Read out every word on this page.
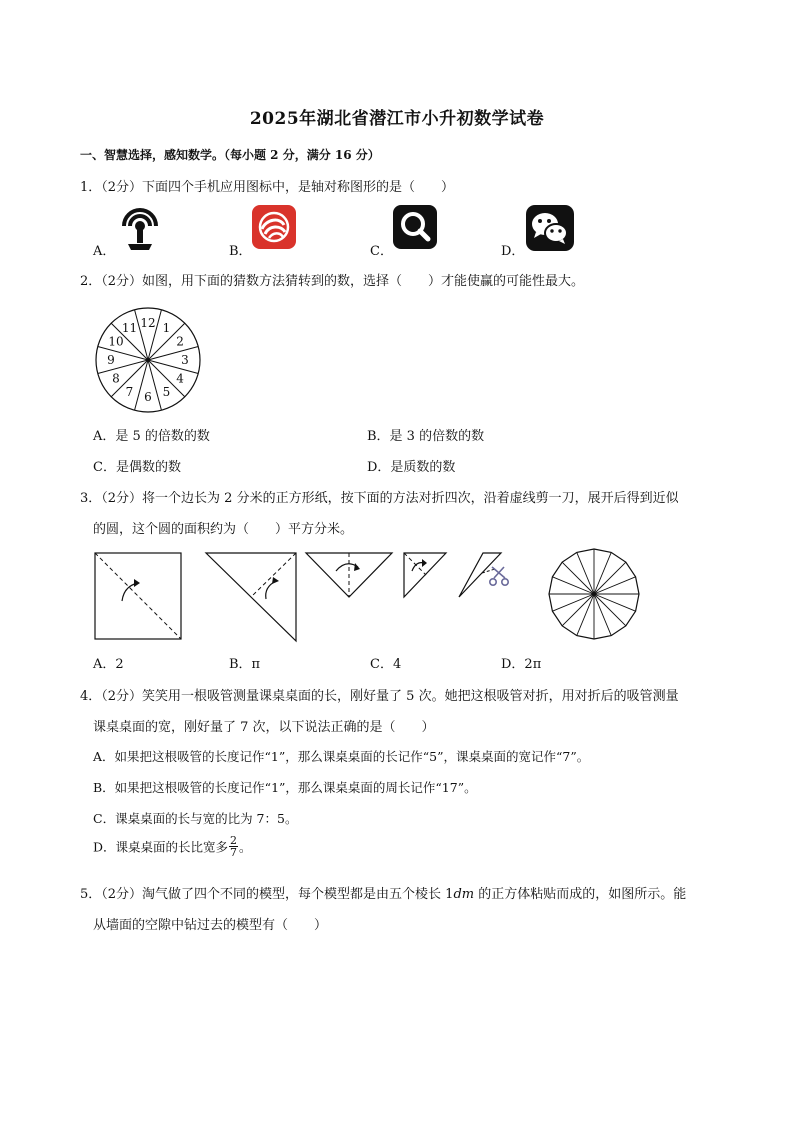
2025年湖北省潜江市小升初数学试卷
一、智慧选择，感知数学。（每小题 2 分，满分 16 分）
1．（2分）下面四个手机应用图标中，是轴对称图形的是（　　）
A．	B．	C．	D．
2．（2分）如图，用下面的猜数方法猜转到的数，选择（　　）才能使赢的可能性最大。
12 1
2
3
4
5
6
7
8
9
10
11
A．是 5 的倍数的数	B．是 3 的倍数的数
C．是偶数的数	D．是质数的数
3．（2分）将一个边长为 2 分米的正方形纸，按下面的方法对折四次，沿着虚线剪一刀，展开后得到近似
的圆，这个圆的面积约为（　　）平方分米。
A．2	B．π	C．4	D．2π
4．（2分）笑笑用一根吸管测量课桌桌面的长，刚好量了 5 次。她把这根吸管对折，用对折后的吸管测量
课桌桌面的宽，刚好量了 7 次，以下说法正确的是（　　）
A．如果把这根吸管的长度记作“1”，那么课桌桌面的长记作“5”，课桌桌面的宽记作“7”。
B．如果把这根吸管的长度记作“1”，那么课桌桌面的周长记作“17”。
C．课桌桌面的长与宽的比为 7：5。
D．课桌桌面的长比宽多 $\frac{2}{7}$ 。
5．（2分）淘气做了四个不同的模型，每个模型都是由五个棱长 1dm 的正方体粘贴而成的，如图所示。能
从墙面的空隙中钻过去的模型有（　　）
